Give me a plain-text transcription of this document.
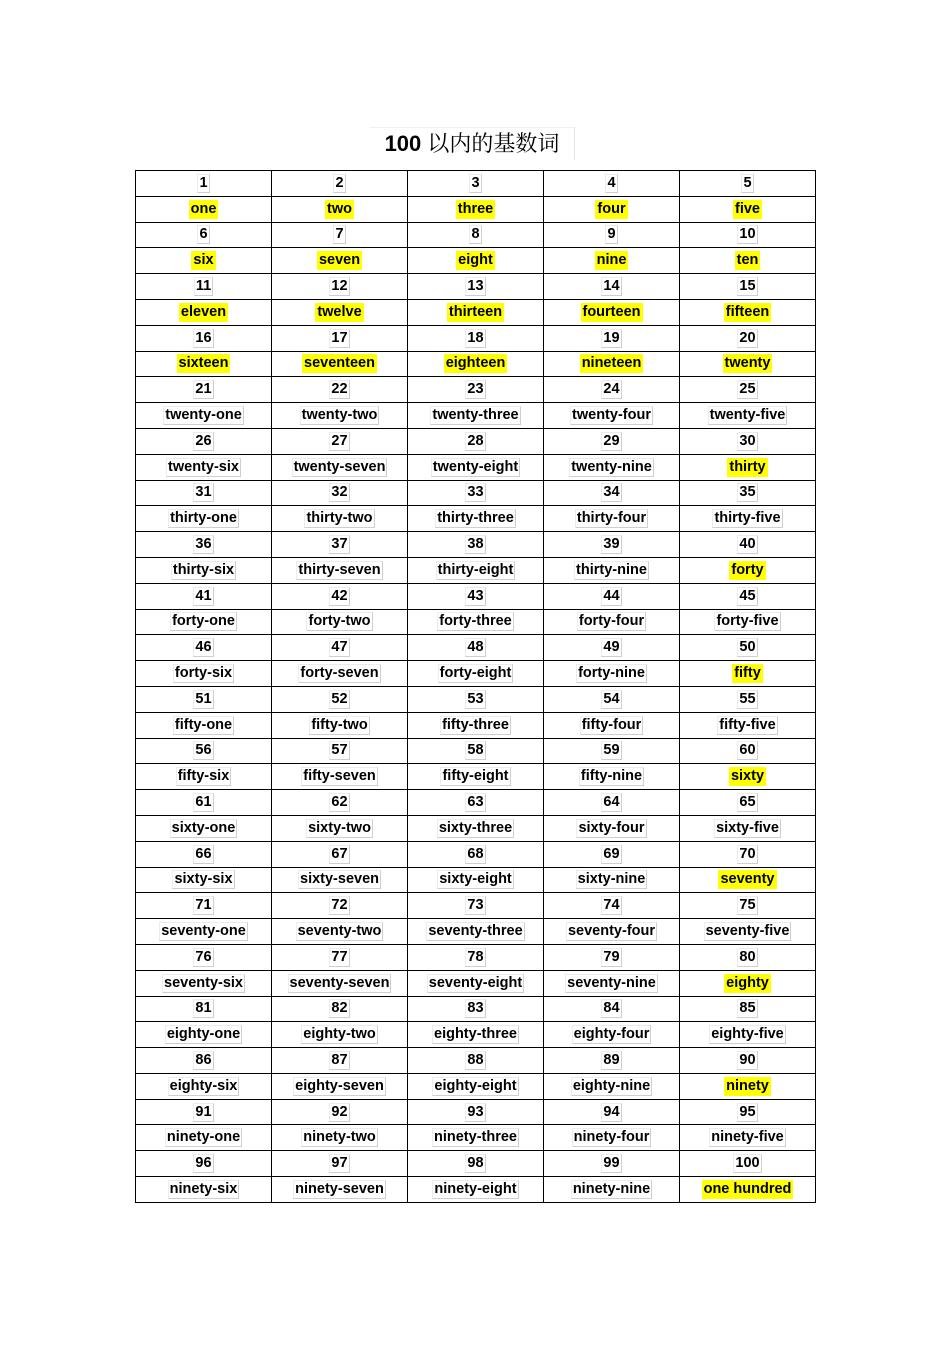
100 以内的基数词
1	2	3	4	5
one	two	three	four	five
6	7	8	9	10
six	seven	eight	nine	ten
11	12	13	14	15
eleven	twelve	thirteen	fourteen	fifteen
16	17	18	19	20
sixteen	seventeen	eighteen	nineteen	twenty
21	22	23	24	25
twenty-one	twenty-two	twenty-three	twenty-four	twenty-five
26	27	28	29	30
twenty-six	twenty-seven	twenty-eight	twenty-nine	thirty
31	32	33	34	35
thirty-one	thirty-two	thirty-three	thirty-four	thirty-five
36	37	38	39	40
thirty-six	thirty-seven	thirty-eight	thirty-nine	forty
41	42	43	44	45
forty-one	forty-two	forty-three	forty-four	forty-five
46	47	48	49	50
forty-six	forty-seven	forty-eight	forty-nine	fifty
51	52	53	54	55
fifty-one	fifty-two	fifty-three	fifty-four	fifty-five
56	57	58	59	60
fifty-six	fifty-seven	fifty-eight	fifty-nine	sixty
61	62	63	64	65
sixty-one	sixty-two	sixty-three	sixty-four	sixty-five
66	67	68	69	70
sixty-six	sixty-seven	sixty-eight	sixty-nine	seventy
71	72	73	74	75
seventy-one	seventy-two	seventy-three	seventy-four	seventy-five
76	77	78	79	80
seventy-six	seventy-seven	seventy-eight	seventy-nine	eighty
81	82	83	84	85
eighty-one	eighty-two	eighty-three	eighty-four	eighty-five
86	87	88	89	90
eighty-six	eighty-seven	eighty-eight	eighty-nine	ninety
91	92	93	94	95
ninety-one	ninety-two	ninety-three	ninety-four	ninety-five
96	97	98	99	100
ninety-six	ninety-seven	ninety-eight	ninety-nine	one hundred
